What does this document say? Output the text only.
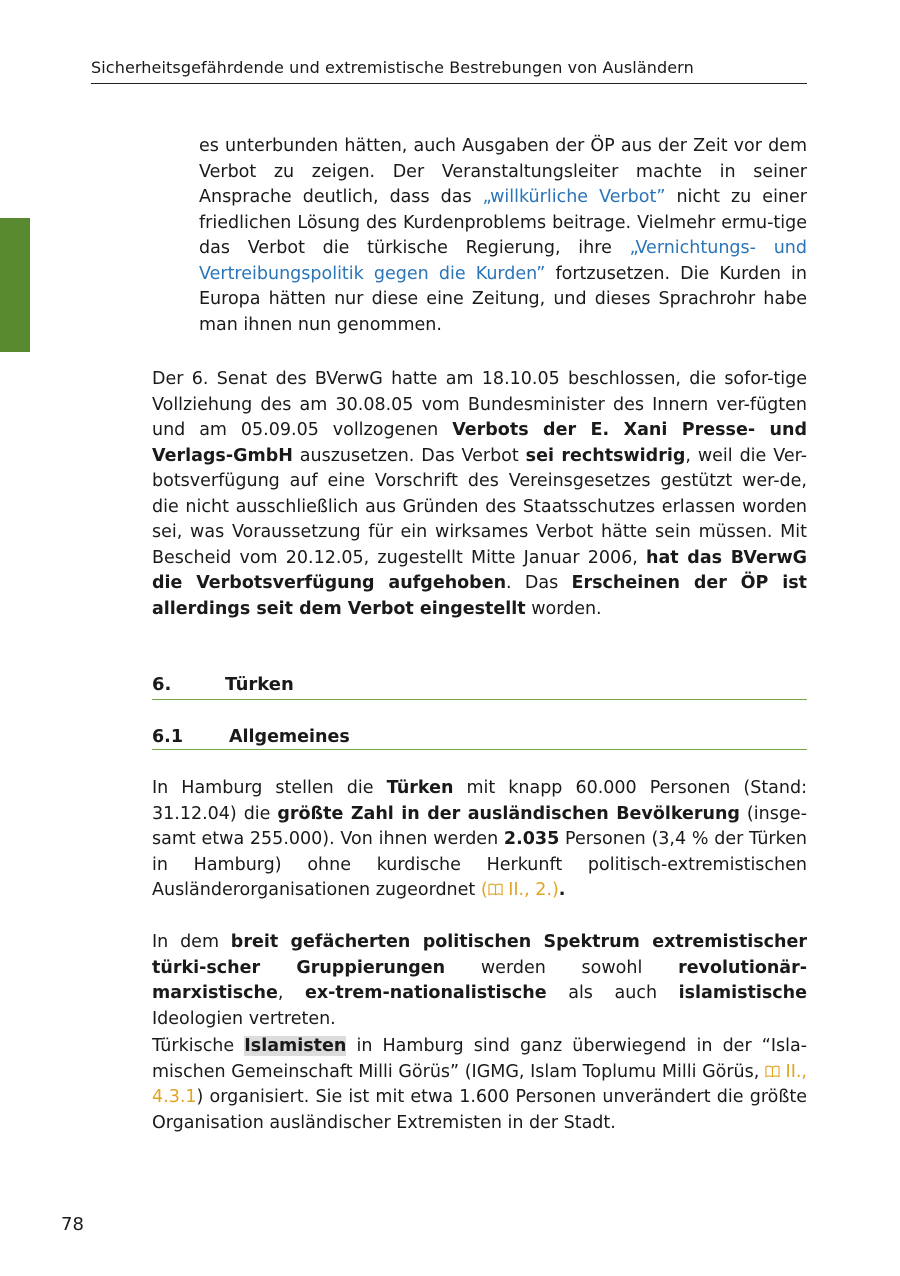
Sicherheitsgefährdende und extremistische Bestrebungen von Ausländern

es unterbunden hätten, auch Ausgaben der ÖP aus der Zeit vor dem Verbot zu zeigen. Der Veranstaltungsleiter machte in seiner Ansprache deutlich, dass das „willkürliche Verbot” nicht zu einer friedlichen Lösung des Kurdenproblems beitrage. Vielmehr ermu-tige das Verbot die türkische Regierung, ihre „Vernichtungs- und Vertreibungspolitik gegen die Kurden” fortzusetzen. Die Kurden in Europa hätten nur diese eine Zeitung, und dieses Sprachrohr habe man ihnen nun genommen.

Der 6. Senat des BVerwG hatte am 18.10.05 beschlossen, die sofor-tige Vollziehung des am 30.08.05 vom Bundesminister des Innern ver-fügten und am 05.09.05 vollzogenen Verbots der E. Xani Presse- und Verlags-GmbH auszusetzen. Das Verbot sei rechtswidrig, weil die Ver-botsverfügung auf eine Vorschrift des Vereinsgesetzes gestützt wer-de, die nicht ausschließlich aus Gründen des Staatsschutzes erlassen worden sei, was Voraussetzung für ein wirksames Verbot hätte sein müssen. Mit Bescheid vom 20.12.05, zugestellt Mitte Januar 2006, hat das BVerwG die Verbotsverfügung aufgehoben. Das Erscheinen der ÖP ist allerdings seit dem Verbot eingestellt worden.

6.	Türken
6.1	Allgemeines

In Hamburg stellen die Türken mit knapp 60.000 Personen (Stand: 31.12.04) die größte Zahl in der ausländischen Bevölkerung (insge-samt etwa 255.000). Von ihnen werden 2.035 Personen (3,4 % der Türken in Hamburg) ohne kurdische Herkunft politisch-extremistischen Ausländerorganisationen zugeordnet ( II., 2.).

In dem breit gefächerten politischen Spektrum extremistischer türki-scher Gruppierungen werden sowohl revolutionär-marxistische, ex-trem-nationalistische als auch islamistische Ideologien vertreten.

Türkische Islamisten in Hamburg sind ganz überwiegend in der “Isla-mischen Gemeinschaft Milli Görüs” (IGMG, Islam Toplumu Milli Görüs,  II., 4.3.1) organisiert. Sie ist mit etwa 1.600 Personen unverändert die größte Organisation ausländischer Extremisten in der Stadt.

78
